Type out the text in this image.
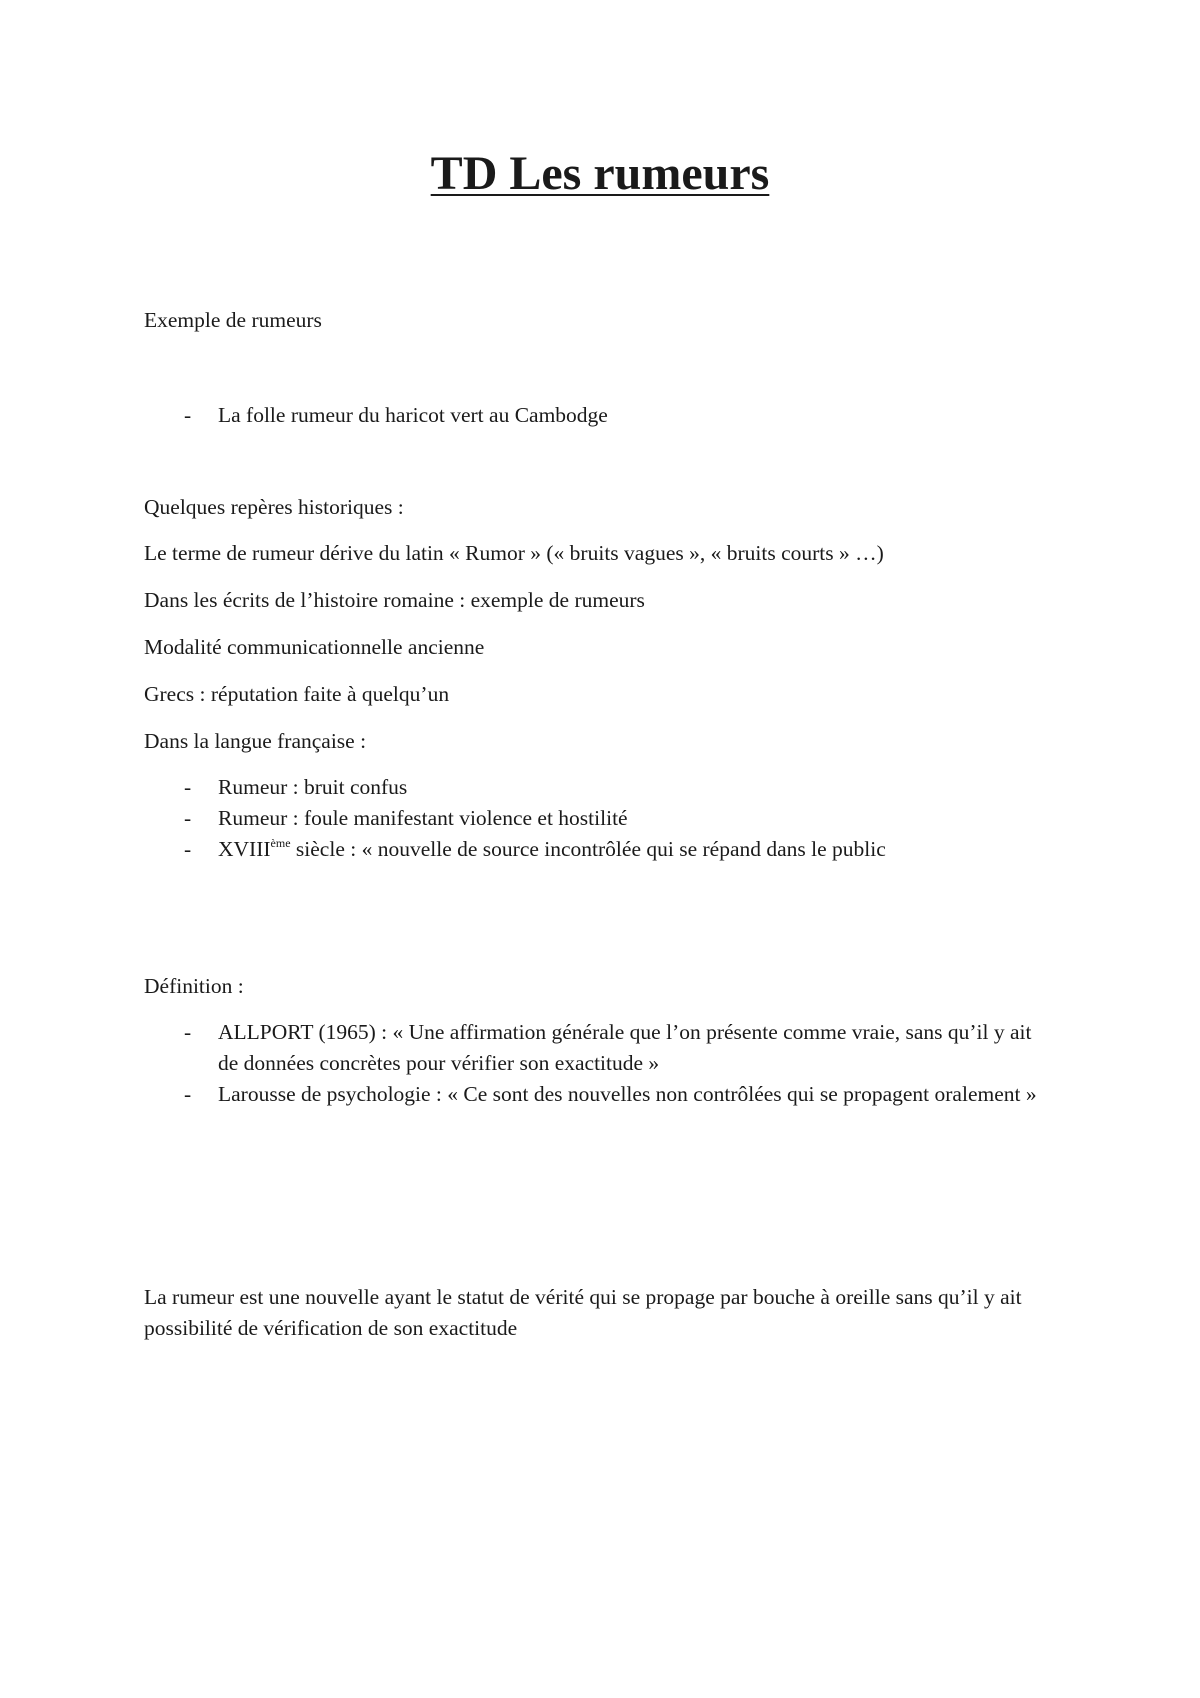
TD Les rumeurs
Exemple de rumeurs
- La folle rumeur du haricot vert au Cambodge
Quelques repères historiques :
Le terme de rumeur dérive du latin « Rumor » (« bruits vagues », « bruits courts » …)
Dans les écrits de l’histoire romaine : exemple de rumeurs
Modalité communicationnelle ancienne
Grecs : réputation faite à quelqu’un
Dans la langue française :
- Rumeur : bruit confus
- Rumeur : foule manifestant violence et hostilité
- XVIIIème siècle : « nouvelle de source incontrôlée qui se répand dans le public
Définition :
- ALLPORT (1965) : « Une affirmation générale que l’on présente comme vraie, sans qu’il y ait de données concrètes pour vérifier son exactitude »
- Larousse de psychologie : « Ce sont des nouvelles non contrôlées qui se propagent oralement »
La rumeur est une nouvelle ayant le statut de vérité qui se propage par bouche à oreille sans qu’il y ait possibilité de vérification de son exactitude
